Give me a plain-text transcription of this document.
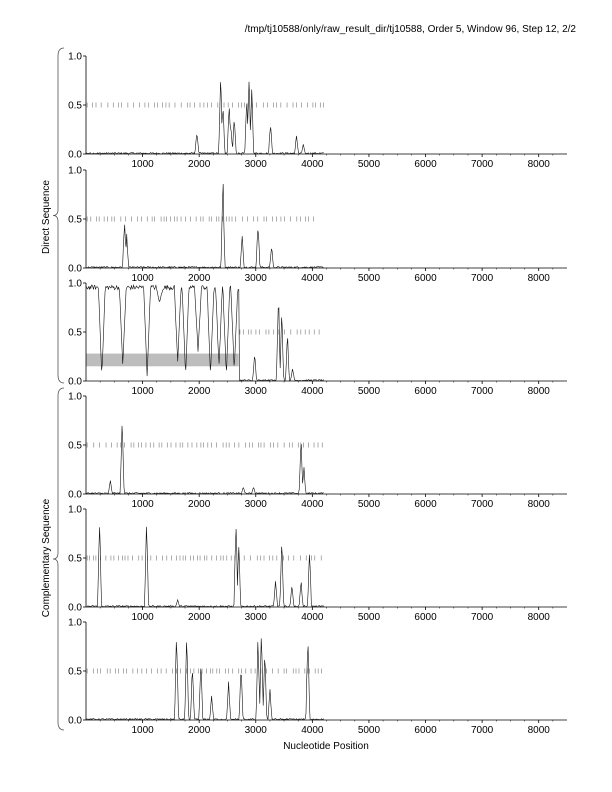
/tmp/tj10588/only/raw_result_dir/tj10588, Order 5, Window 96, Step 12, 2/2
Direct Sequence
Complementary Sequence
Nucleotide Position
0.0
0.5
1.0
1000	2000	3000	4000	5000	6000	7000	8000
0.0
0.5
1.0
1000	2000	3000	4000	5000	6000	7000	8000
0.0
0.5
1.0
1000	2000	3000	4000	5000	6000	7000	8000
0.0
0.5
1.0
1000	2000	3000	4000	5000	6000	7000	8000
0.0
0.5
1.0
1000	2000	3000	4000	5000	6000	7000	8000
0.0
0.5
1.0
1000	2000	3000	4000	5000	6000	7000	8000
